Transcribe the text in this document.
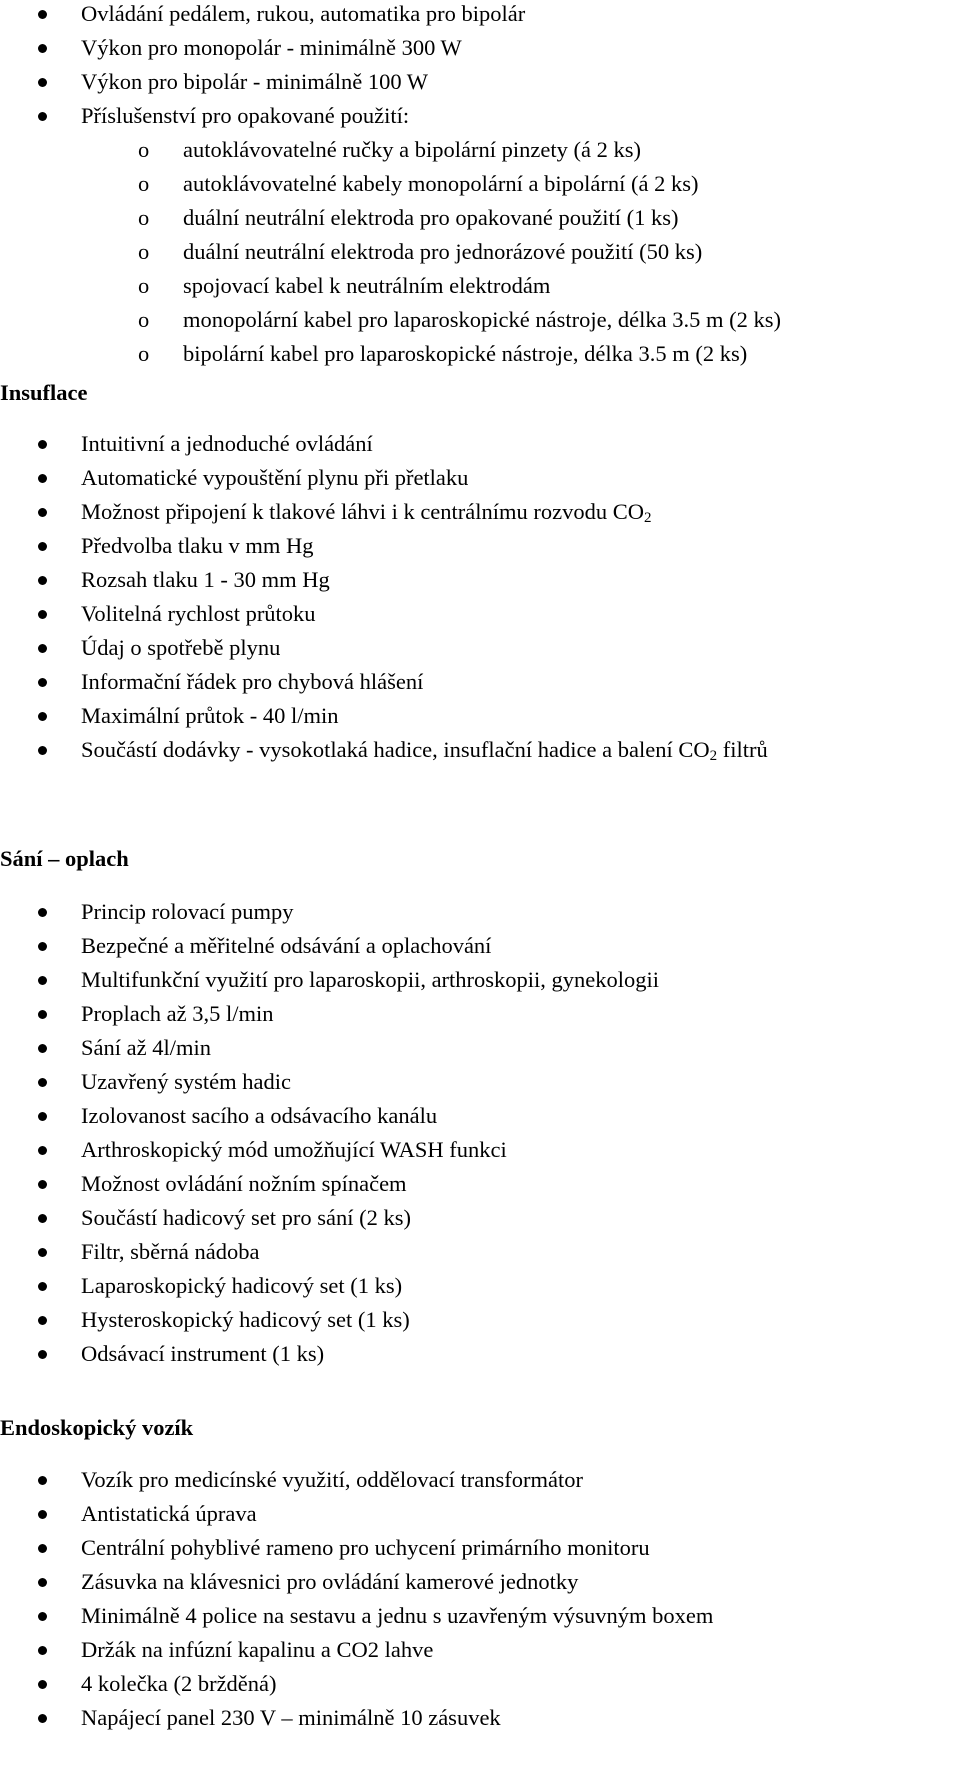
Ovládání pedálem, rukou, automatika pro bipolár
Výkon pro monopolár - minimálně 300 W
Výkon pro bipolár - minimálně 100 W
Příslušenství pro opakované použití:
o autoklávovatelné ručky a bipolární pinzety (á 2 ks)
o autoklávovatelné kabely monopolární a bipolární (á 2 ks)
o duální neutrální elektroda pro opakované použití (1 ks)
o duální neutrální elektroda pro jednorázové použití (50 ks)
o spojovací kabel k neutrálním elektrodám
o monopolární kabel pro laparoskopické nástroje, délka 3.5 m (2 ks)
o bipolární kabel pro laparoskopické nástroje, délka 3.5 m (2 ks)
Insuflace
Intuitivní a jednoduché ovládání
Automatické vypouštění plynu při přetlaku
Možnost připojení k tlakové láhvi i k centrálnímu rozvodu $CO_2$
Předvolba tlaku v mm Hg
Rozsah tlaku 1 - 30 mm Hg
Volitelná rychlost průtoku
Údaj o spotřebě plynu
Informační řádek pro chybová hlášení
Maximální průtok - 40 l/min
Součástí dodávky - vysokotlaká hadice, insuflační hadice a balení $CO_2$ filtrů
Sání – oplach
Princip rolovací pumpy
Bezpečné a měřitelné odsávání a oplachování
Multifunkční využití pro laparoskopii, arthroskopii, gynekologii
Proplach až 3,5 l/min
Sání až 4l/min
Uzavřený systém hadic
Izolovanost sacího a odsávacího kanálu
Arthroskopický mód umožňující WASH funkci
Možnost ovládání nožním spínačem
Součástí hadicový set pro sání (2 ks)
Filtr, sběrná nádoba
Laparoskopický hadicový set (1 ks)
Hysteroskopický hadicový set (1 ks)
Odsávací instrument (1 ks)
Endoskopický vozík
Vozík pro medicínské využití, oddělovací transformátor
Antistatická úprava
Centrální pohyblivé rameno pro uchycení primárního monitoru
Zásuvka na klávesnici pro ovládání kamerové jednotky
Minimálně 4 police na sestavu a jednu s uzavřeným výsuvným boxem
Držák na infúzní kapalinu a CO2 lahve
4 kolečka (2 bržděná)
Napájecí panel 230 V – minimálně 10 zásuvek
